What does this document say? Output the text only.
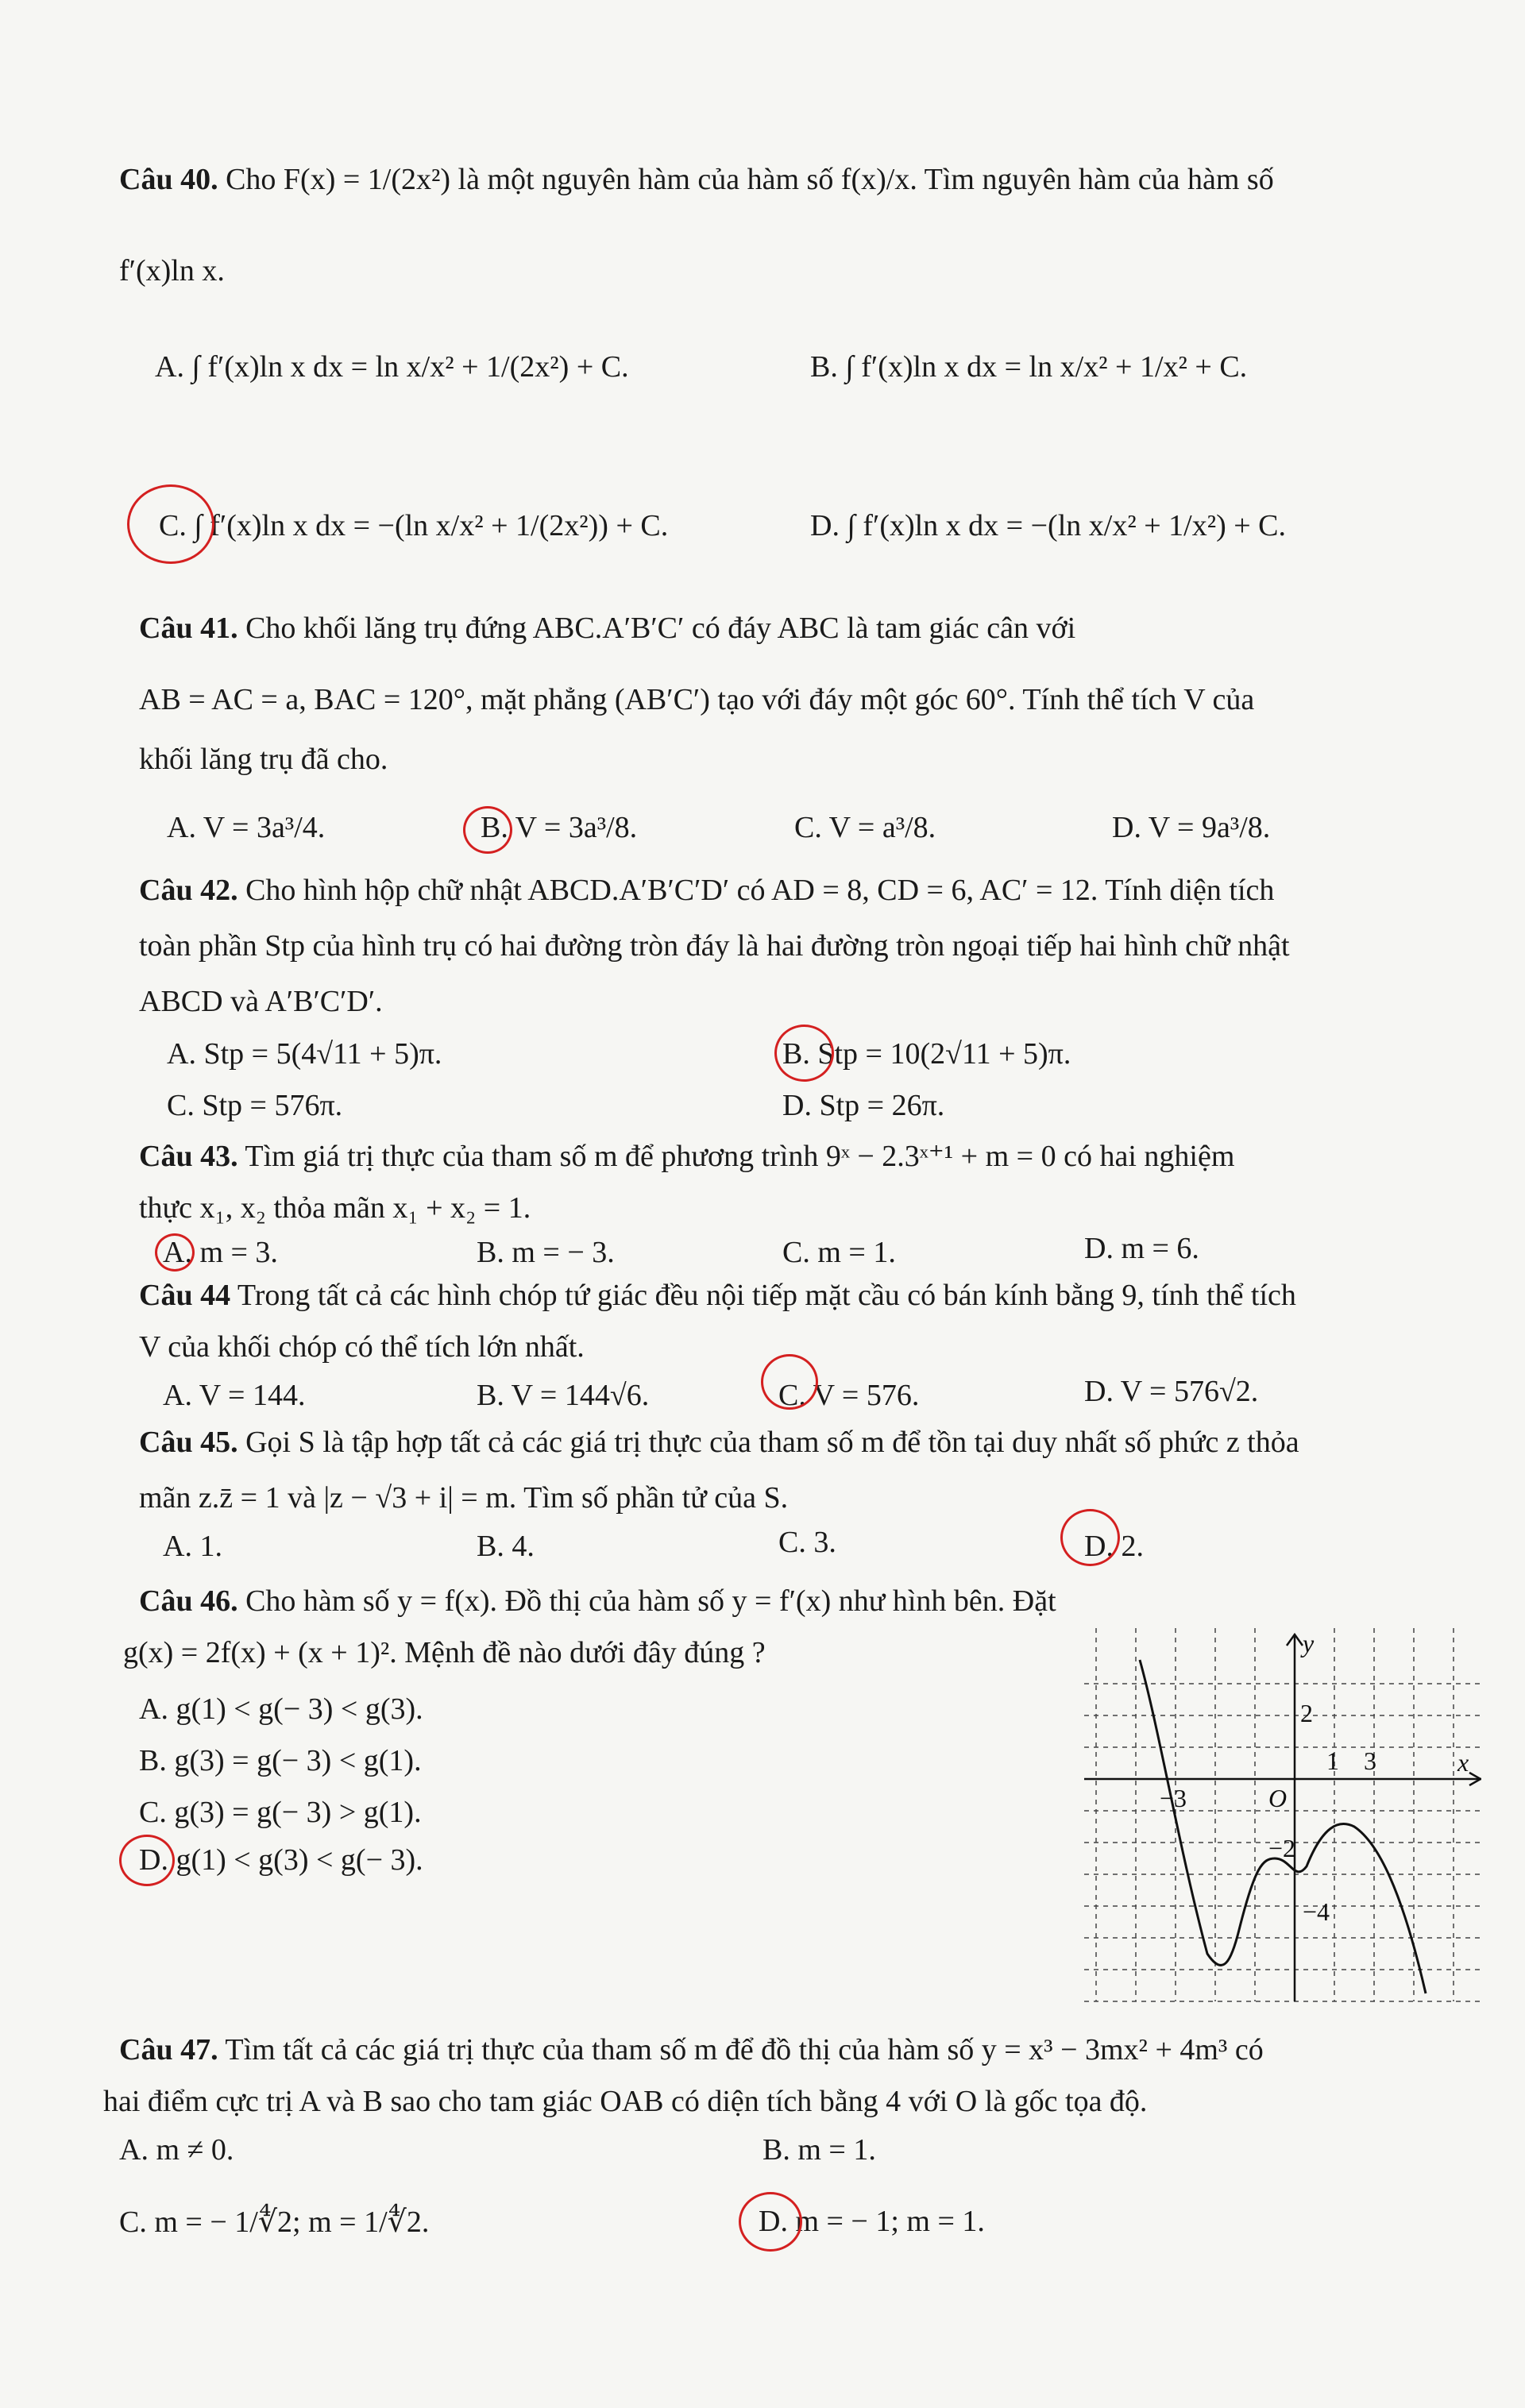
Câu 40. Cho F(x) = 1/(2x²) là một nguyên hàm của hàm số f(x)/x. Tìm nguyên hàm của hàm số
f′(x)ln x.
A. ∫ f′(x)ln x dx = ln x/x² + 1/(2x²) + C.	B. ∫ f′(x)ln x dx = ln x/x² + 1/x² + C.
C. ∫ f′(x)ln x dx = −(ln x/x² + 1/(2x²)) + C.	D. ∫ f′(x)ln x dx = −(ln x/x² + 1/x²) + C.
Câu 41. Cho khối lăng trụ đứng ABC.A′B′C′ có đáy ABC là tam giác cân với
AB = AC = a, BAC = 120°, mặt phẳng (AB′C′) tạo với đáy một góc 60°. Tính thể tích V của
khối lăng trụ đã cho.
A. V = 3a³/4.	B. V = 3a³/8.	C. V = a³/8.	D. V = 9a³/8.
Câu 42. Cho hình hộp chữ nhật ABCD.A′B′C′D′ có AD = 8, CD = 6, AC′ = 12. Tính diện tích
toàn phần Stp của hình trụ có hai đường tròn đáy là hai đường tròn ngoại tiếp hai hình chữ nhật
ABCD và A′B′C′D′.
A. Stp = 5(4√11 + 5)π.	B. Stp = 10(2√11 + 5)π.
C. Stp = 576π.	D. Stp = 26π.
Câu 43. Tìm giá trị thực của tham số m để phương trình 9ˣ − 2.3ˣ⁺¹ + m = 0 có hai nghiệm
thực x₁, x₂ thỏa mãn x₁ + x₂ = 1.
A. m = 3.	B. m = − 3.	C. m = 1.	D. m = 6.
Câu 44 Trong tất cả các hình chóp tứ giác đều nội tiếp mặt cầu có bán kính bằng 9, tính thể tích
V của khối chóp có thể tích lớn nhất.
A. V = 144.	B. V = 144√6.	C. V = 576.	D. V = 576√2.
Câu 45. Gọi S là tập hợp tất cả các giá trị thực của tham số m để tồn tại duy nhất số phức z thỏa
mãn z.z̄ = 1 và |z − √3 + i| = m. Tìm số phần tử của S.
A. 1.	B. 4.	C. 3.	D. 2.
Câu 46. Cho hàm số y = f(x). Đồ thị của hàm số y = f′(x) như hình bên. Đặt
g(x) = 2f(x) + (x + 1)². Mệnh đề nào dưới đây đúng ?
A. g(1) < g(− 3) < g(3).
B. g(3) = g(− 3) < g(1).
C. g(3) = g(− 3) > g(1).
D. g(1) < g(3) < g(− 3).
y
x
O
2
1 3
−3
−2
−4
Câu 47. Tìm tất cả các giá trị thực của tham số m để đồ thị của hàm số y = x³ − 3mx² + 4m³ có
hai điểm cực trị A và B sao cho tam giác OAB có diện tích bằng 4 với O là gốc tọa độ.
A. m ≠ 0.	B. m = 1.
C. m = − 1/∜2; m = 1/∜2.	D. m = − 1; m = 1.
